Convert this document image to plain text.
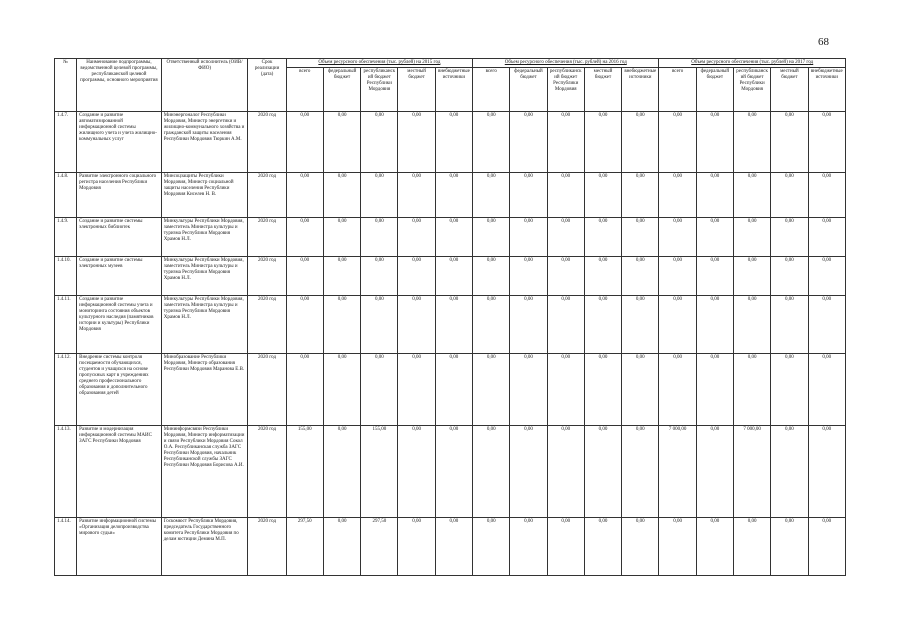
68
№	Наименование подпрограммы, ведомственной целевой программы, республиканской целевой программы, основного мероприятия	Ответственный исполнитель (ОИВ/ФИО)	Срок реализации (дата)	Объем ресурсного обеспечения (тыс. рублей) на 2015 год					Объем ресурсного обеспечения (тыс. рублей) на 2016 год					Объем ресурсного обеспечения (тыс. рублей) на 2017 год				
				всего	федеральный бюджет	республиканский бюджет Республики Мордовия	местный бюджет	внебюджетные источники	всего	федеральный бюджет	республиканский бюджет Республики Мордовия	местный бюджет	внебюджетные источники	всего	федеральный бюджет	республиканский бюджет Республики Мордовия	местный бюджет	внебюджетные источники
1.4.7.	Создание и развитие автоматизированной информационной системы жилищного учета и учета жилищно-коммунальных услуг	Минэнергоналог Республики Мордовия, Министр энергетики и жилищно-коммунального хозяйства и гражданской защиты населения Республики Мордовия Тюркин А.М.	2020 год	0,00	0,00	0,00	0,00	0,00	0,00	0,00	0,00	0,00	0,00	0,00	0,00	0,00	0,00	0,00
1.4.8.	Развитие электронного социального регистра населения Республики Мордовия	Минсоцзащиты Республики Мордовия, Министр социальной защиты населения Республики Мордовия Киселев Н. В.	2020 год	0,00	0,00	0,00	0,00	0,00	0,00	0,00	0,00	0,00	0,00	0,00	0,00	0,00	0,00	0,00
1.4.9.	Создание и развитие системы электронных библиотек	Минкультуры Республики Мордовия, заместитель Министра культуры и туризма Республики Мордовия Храмов Н.Л.	2020 год	0,00	0,00	0,00	0,00	0,00	0,00	0,00	0,00	0,00	0,00	0,00	0,00	0,00	0,00	0,00
1.4.10.	Создание и развитие системы электронных музеев	Минкультуры Республики Мордовия, заместитель Министра культуры и туризма Республики Мордовия Храмов Н.Л.	2020 год	0,00	0,00	0,00	0,00	0,00	0,00	0,00	0,00	0,00	0,00	0,00	0,00	0,00	0,00	0,00
1.4.11.	Создание и развитие информационной системы учета и мониторинга состояния объектов культурного наследия (памятников истории и культуры) Республики Мордовия	Минкультуры Республики Мордовия, заместитель Министра культуры и туризма Республики Мордовия Храмов Н.Л.	2020 год	0,00	0,00	0,00	0,00	0,00	0,00	0,00	0,00	0,00	0,00	0,00	0,00	0,00	0,00	0,00
1.4.12.	Внедрение системы контроля посещаемости обучающихся, студентов и учащихся на основе пропускных карт в учреждениях среднего профессионального образования и дополнительного образования детей	Минобразование Республики Мордовия, Министр образования Республики Мордовия Маранова Е.В.	2020 год	0,00	0,00	0,00	0,00	0,00	0,00	0,00	0,00	0,00	0,00	0,00	0,00	0,00	0,00	0,00
1.4.13.	Развитие и модернизация информационной системы МАИС ЗАГС Республики Мордовия	Мининформсвязи Республики Мордовия, Министр информатизации и связи Республики Мордовия Сокол О.А. Республиканская служба ЗАГС Республики Мордовия, начальник Республиканской службы ЗАГС Республики Мордовия Борисова А.И.	2020 год	155,00	0,00	155,00	0,00	0,00	0,00	0,00	0,00	0,00	0,00	7 000,00	0,00	7 000,00	0,00	0,00
1.4.14.	Развитие информационной системы «Организация делопроизводства мирового судьи»	Госкомюст Республики Мордовия, председатель Государственного комитета Республики Мордовия по делам юстиции Демина М.П.	2020 год	297,50	0,00	297,50	0,00	0,00	0,00	0,00	0,00	0,00	0,00	0,00	0,00	0,00	0,00	0,00
